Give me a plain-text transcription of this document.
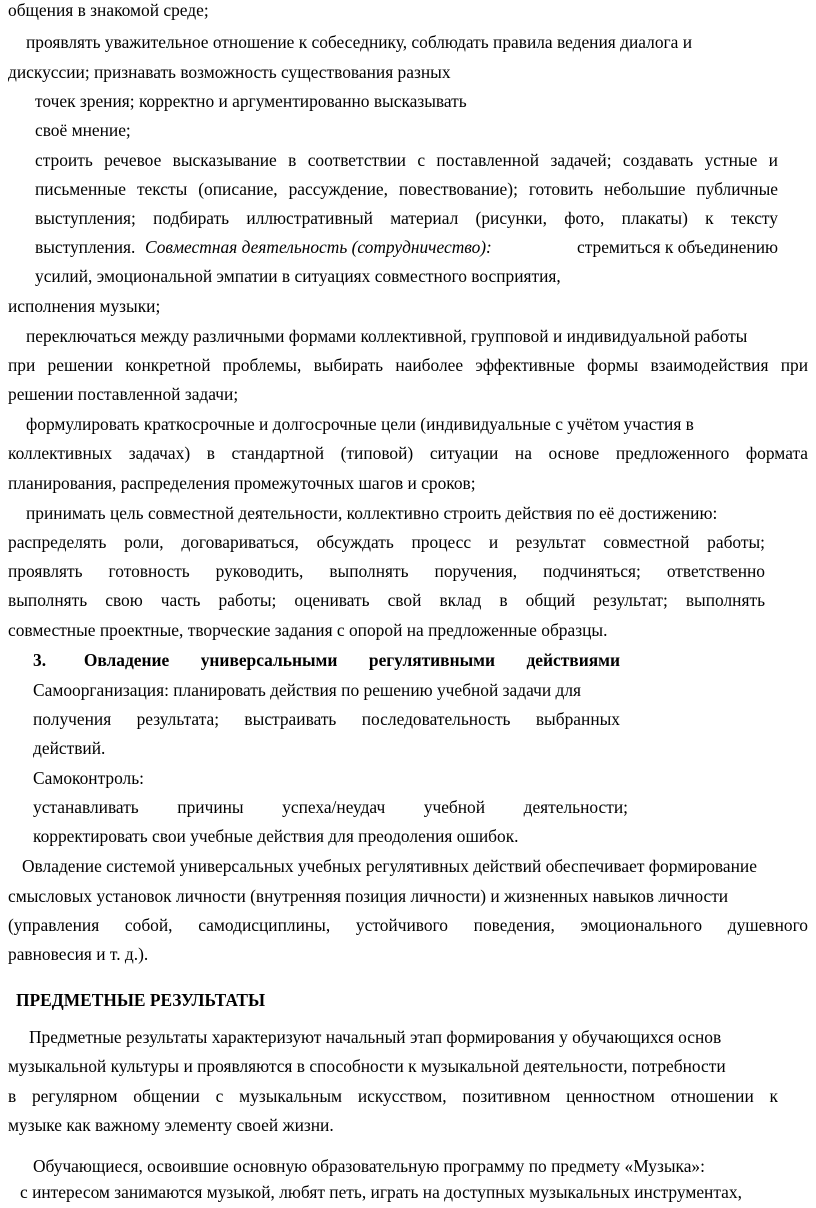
общения в знакомой среде;
проявлять уважительное отношение к собеседнику, соблюдать правила ведения диалога и
дискуссии; признавать возможность существования разных
точек зрения; корректно и аргументированно высказывать
своё мнение;
строить речевое высказывание в соответствии с поставленной задачей; создавать устные и
письменные тексты (описание, рассуждение, повествование); готовить небольшие публичные
выступления; подбирать иллюстративный материал (рисунки, фото, плакаты) к тексту
выступления. Совместная деятельность (сотрудничество):	стремиться к объединению
усилий, эмоциональной эмпатии в ситуациях совместного восприятия,
исполнения музыки;
переключаться между различными формами коллективной, групповой и индивидуальной работы
при решении конкретной проблемы, выбирать наиболее эффективные формы взаимодействия при
решении поставленной задачи;
формулировать краткосрочные и долгосрочные цели (индивидуальные с учётом участия в
коллективных задачах) в стандартной (типовой) ситуации на основе предложенного формата
планирования, распределения промежуточных шагов и сроков;
принимать цель совместной деятельности, коллективно строить действия по её достижению:
распределять роли, договариваться, обсуждать процесс и результат совместной работы;
проявлять готовность руководить, выполнять поручения, подчиняться; ответственно
выполнять свою часть работы; оценивать свой вклад в общий результат; выполнять
совместные проектные, творческие задания с опорой на предложенные образцы.
3.      Овладение     универсальными     регулятивными     действиями
Самоорганизация: планировать действия по решению учебной задачи для
получения результата; выстраивать последовательность выбранных
действий.
Самоконтроль:
устанавливать причины успеха/неудач учебной деятельности;
корректировать свои учебные действия для преодоления ошибок.
Овладение системой универсальных учебных регулятивных действий обеспечивает формирование
смысловых установок личности (внутренняя позиция личности) и жизненных навыков личности
(управления собой, самодисциплины, устойчивого поведения, эмоционального душевного
равновесия и т. д.).
ПРЕДМЕТНЫЕ РЕЗУЛЬТАТЫ
Предметные результаты характеризуют начальный этап формирования у обучающихся основ
музыкальной культуры и проявляются в способности к музыкальной деятельности, потребности
в регулярном общении с музыкальным искусством, позитивном ценностном отношении к
музыке как важному элементу своей жизни.
Обучающиеся, освоившие основную образовательную программу по предмету «Музыка»:
с интересом занимаются музыкой, любят петь, играть на доступных музыкальных инструментах,
